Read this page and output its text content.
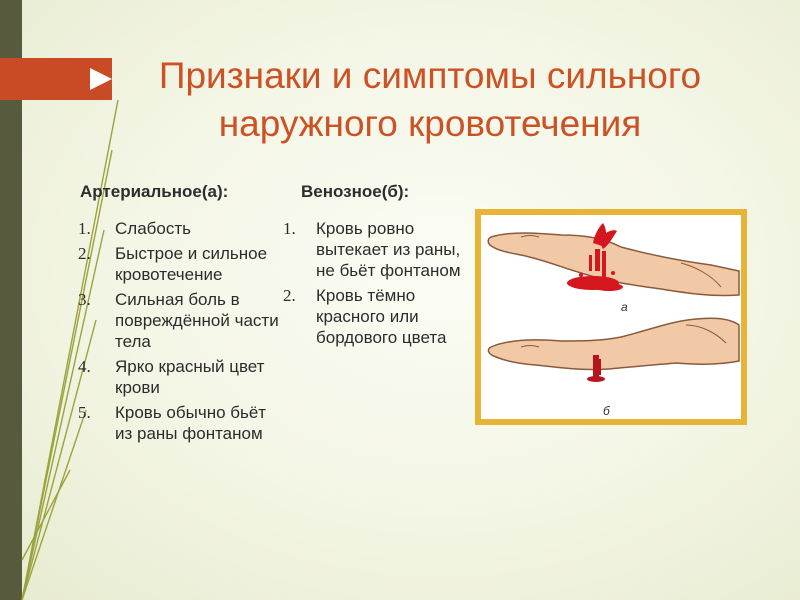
Признаки и симптомы сильного наружного кровотечения
Артериальное(а):	Венозное(б):
1.	Слабость
2.	Быстрое и сильное кровотечение
3.	Сильная боль в повреждённой части тела
4.	Ярко красный цвет крови
5.	Кровь обычно бьёт из раны фонтаном
1.	Кровь ровно вытекает из раны, не бьёт фонтаном
2.	Кровь тёмно красного или бордового цвета
а
б
